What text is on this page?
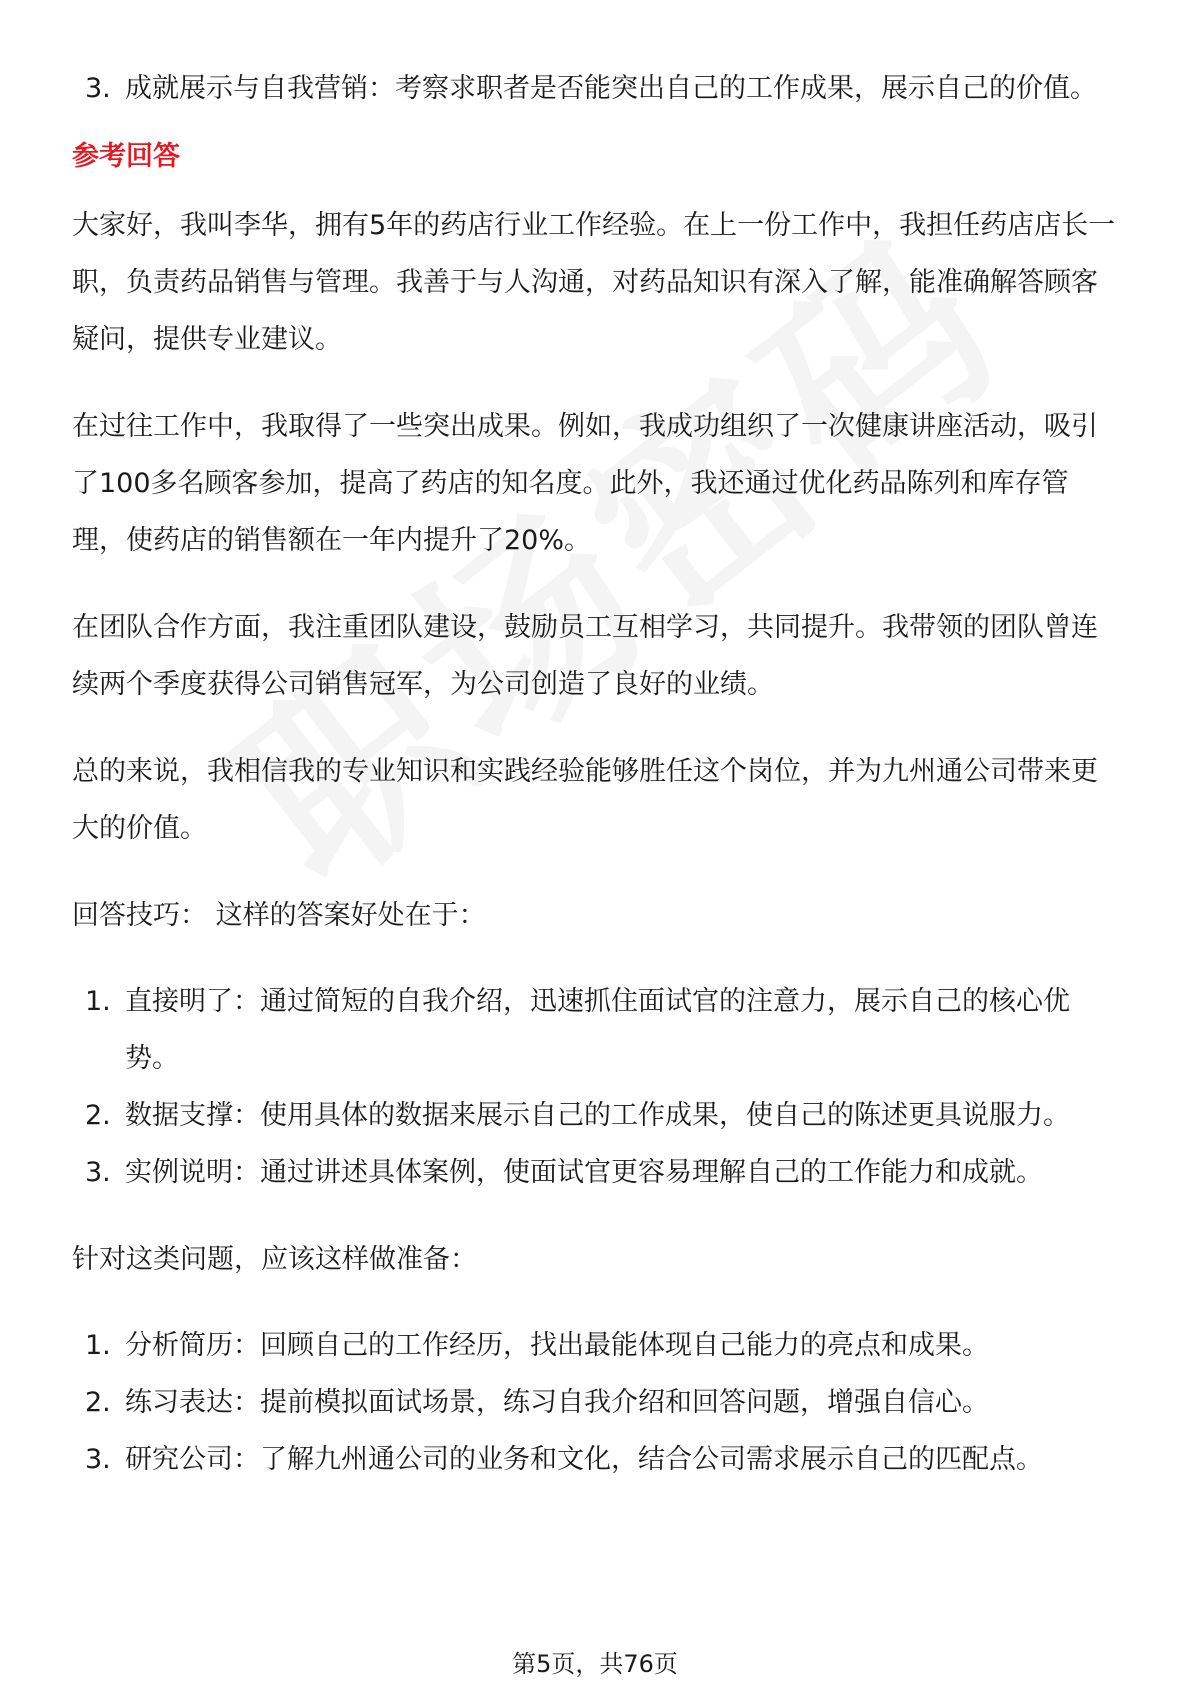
3. 成就展示与自我营销：考察求职者是否能突出自己的工作成果，展示自己的价值。

参考回答

大家好，我叫李华，拥有5年的药店行业工作经验。在上一份工作中，我担任药店店长一职，负责药品销售与管理。我善于与人沟通，对药品知识有深入了解，能准确解答顾客疑问，提供专业建议。

在过往工作中，我取得了一些突出成果。例如，我成功组织了一次健康讲座活动，吸引了100多名顾客参加，提高了药店的知名度。此外，我还通过优化药品陈列和库存管理，使药店的销售额在一年内提升了20%。

在团队合作方面，我注重团队建设，鼓励员工互相学习，共同提升。我带领的团队曾连续两个季度获得公司销售冠军，为公司创造了良好的业绩。

总的来说，我相信我的专业知识和实践经验能够胜任这个岗位，并为九州通公司带来更大的价值。

回答技巧： 这样的答案好处在于：

1. 直接明了：通过简短的自我介绍，迅速抓住面试官的注意力，展示自己的核心优势。

2. 数据支撑：使用具体的数据来展示自己的工作成果，使自己的陈述更具说服力。

3. 实例说明：通过讲述具体案例，使面试官更容易理解自己的工作能力和成就。

针对这类问题，应该这样做准备：

1. 分析简历：回顾自己的工作经历，找出最能体现自己能力的亮点和成果。

2. 练习表达：提前模拟面试场景，练习自我介绍和回答问题，增强自信心。

3. 研究公司：了解九州通公司的业务和文化，结合公司需求展示自己的匹配点。

第5页，共76页
